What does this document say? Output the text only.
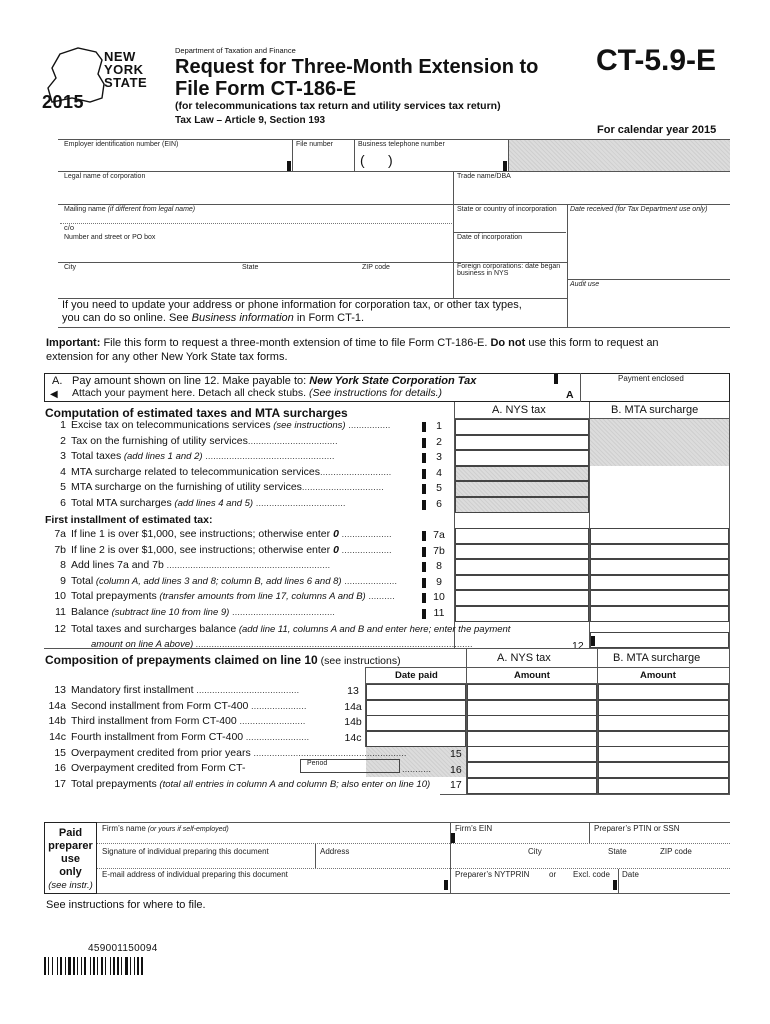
NEW
YORK
STATE
2015
Department of Taxation and Finance
Request for Three-Month Extension to
File Form CT-186-E
(for telecommunications tax return and utility services tax return)
Tax Law – Article 9, Section 193
CT-5.9-E
For calendar year 2015
Employer identification number (EIN)	File number	Business telephone number
(      )
Legal name of corporation	Trade name/DBA
Mailing name (if different from legal name)	State or country of incorporation Date received (for Tax Department use only)
c/o
Number and street or PO box	Date of incorporation
City	State	ZIP code	Foreign corporations: date began
business in NYS
Audit use
If you need to update your address or phone information for corporation tax, or other tax types,
you can do so online. See Business information in Form CT-1.
Important: File this form to request a three-month extension of time to file Form CT-186-E. Do not use this form to request an
extension for any other New York State tax forms.
A. Pay amount shown on line 12. Make payable to: New York State Corporation Tax
◀ Attach your payment here. Detach all check stubs. (See instructions for details.)	A
Payment enclosed
Computation of estimated taxes and MTA surcharges	A. NYS tax	B. MTA surcharge
1 Excise tax on telecommunications services (see instructions) ................	1
2 Tax on the furnishing of utility services..................................	2
3 Total taxes (add lines 1 and 2) .................................................	3
4 MTA surcharge related to telecommunication services...........................	4
5 MTA surcharge on the furnishing of utility services...............................	5
6 Total MTA surcharges (add lines 4 and 5) ..................................	6
First installment of estimated tax:
7a If line 1 is over $1,000, see instructions; otherwise enter 0 ...................	7a
7b If line 2 is over $1,000, see instructions; otherwise enter 0 ...................	7b
8 Add lines 7a and 7b ..............................................................	8
9 Total (column A, add lines 3 and 8; column B, add lines 6 and 8) ....................	9
10 Total prepayments (transfer amounts from line 17, columns A and B) ..........	10
11 Balance (subtract line 10 from line 9) .......................................	11
12 Total taxes and surcharges balance (add line 11, columns A and B and enter here; enter the payment
amount on line A above) .........................................................................................................	12
Composition of prepayments claimed on line 10 (see instructions)	A. NYS tax	B. MTA surcharge
Date paid	Amount	Amount
13 Mandatory first installment .......................................	13
14a Second installment from Form CT-400 .....................	14a
14b Third installment from Form CT-400 .........................	14b
14c Fourth installment from Form CT-400 ........................	14c
15 Overpayment credited from prior years ..........................................................	15
16 Overpayment credited from Form CT-	Period
........... 16
17 Total prepayments (total all entries in column A and column B; also enter on line 10) 17
Paid
preparer
use
only
(see instr.)
Firm’s name (or yours if self-employed)	Firm’s EIN	Preparer’s PTIN or SSN
Signature of individual preparing this document	Address	City	State	ZIP code
E-mail address of individual preparing this document	Preparer’s NYTPRIN or Excl. code Date
See instructions for where to file.
459001150094
